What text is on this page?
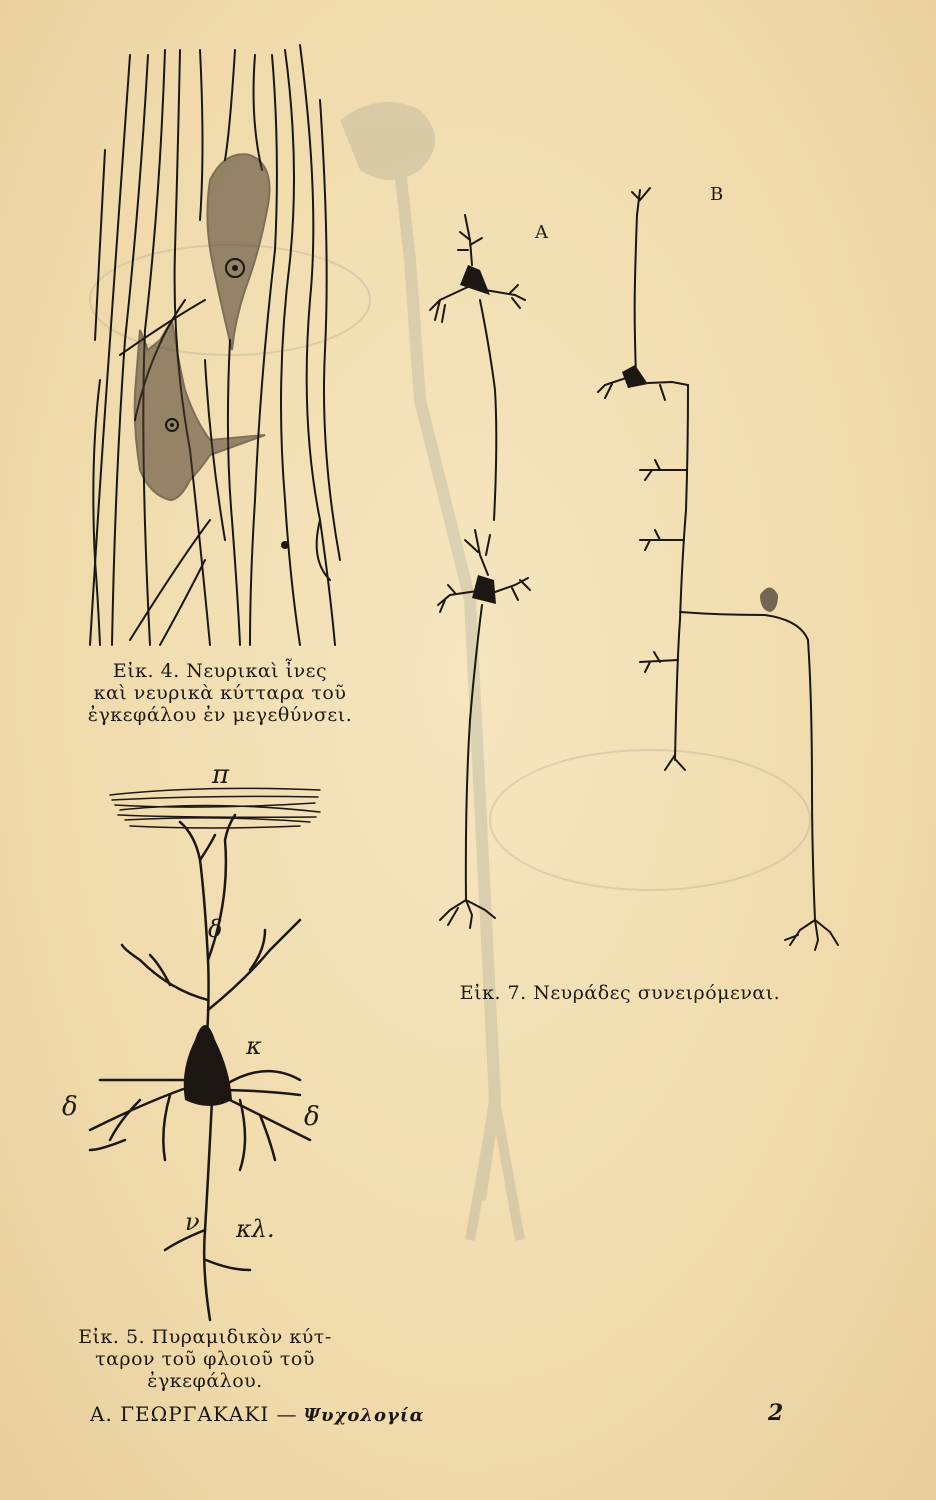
Εἰκ. 4. Νευρικαὶ ἶνες
καὶ νευρικὰ κύτταρα τοῦ
ἐγκεφάλου ἐν μεγεθύνσει.
π
δ
κ
δ	δ
ν κλ.
Εἰκ. 5. Πυραμιδικὸν κύτ-
ταρον τοῦ φλοιοῦ τοῦ
ἐγκεφάλου.
Α
Β
Εἰκ. 7. Νευράδες συνειρόμεναι.
Α. ΓΕΩΡΓΑΚΑΚΙ — Ψυχολογία	2
